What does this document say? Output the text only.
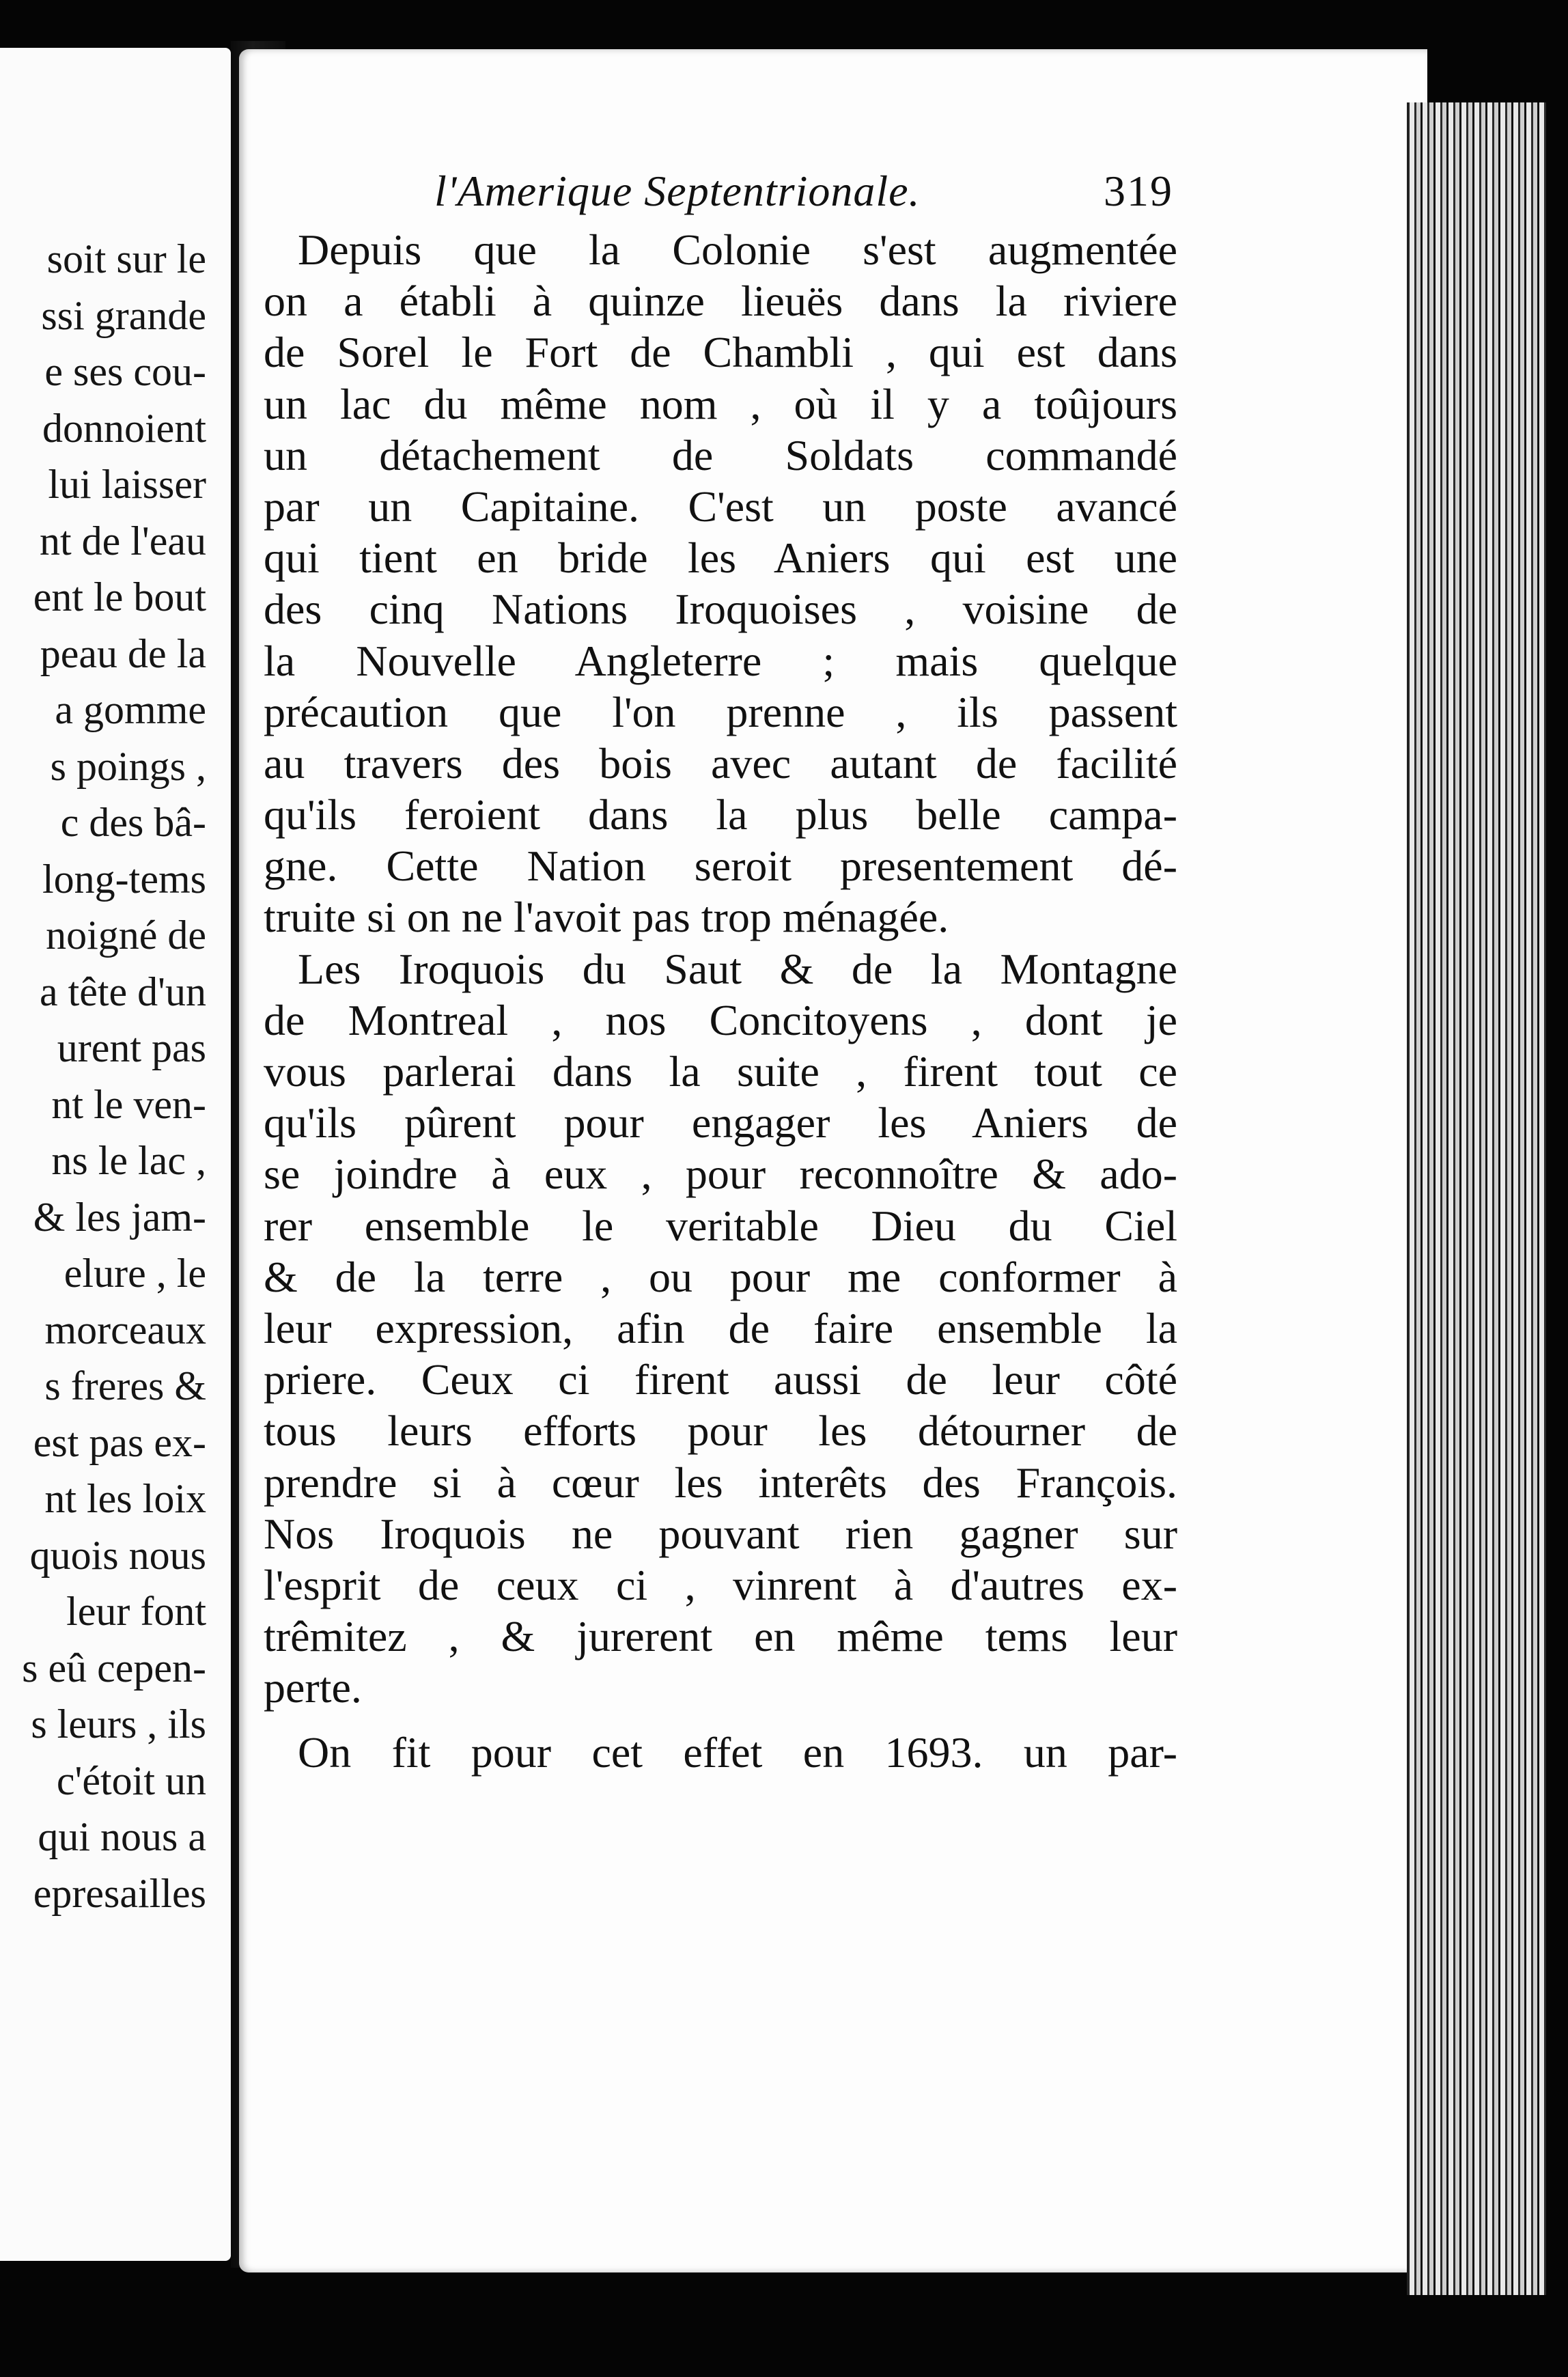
soit sur le
ssi grande
e ses cou-
donnoient
lui laisser
nt de l'eau
ent le bout
peau de la
a gomme
s poings ,
c des bâ-
long-tems
noigné de
a tête d'un
urent pas
nt le ven-
ns le lac ,
& les jam-
elure , le
morceaux
s freres &
est pas ex-
nt les loix
quois nous
leur font
s eû cepen-
s leurs , ils
c'étoit un
qui nous a
epresailles
l'Amerique Septentrionale.	319
Depuis que la Colonie s'est augmentée
on a établi à quinze lieuës dans la riviere
de Sorel le Fort de Chambli , qui est dans
un lac du même nom , où il y a toûjours
un détachement de Soldats commandé
par un Capitaine. C'est un poste avancé
qui tient en bride les Aniers qui est une
des cinq Nations Iroquoises , voisine de
la Nouvelle Angleterre ; mais quelque
précaution que l'on prenne , ils passent
au travers des bois avec autant de facilité
qu'ils feroient dans la plus belle campa-
gne. Cette Nation seroit presentement dé-
truite si on ne l'avoit pas trop ménagée.
Les Iroquois du Saut & de la Montagne
de Montreal , nos Concitoyens , dont je
vous parlerai dans la suite , firent tout ce
qu'ils pûrent pour engager les Aniers de
se joindre à eux , pour reconnoître & ado-
rer ensemble le veritable Dieu du Ciel
& de la terre , ou pour me conformer à
leur expression, afin de faire ensemble la
priere. Ceux ci firent aussi de leur côté
tous leurs efforts pour les détourner de
prendre si à cœur les interêts des François.
Nos Iroquois ne pouvant rien gagner sur
l'esprit de ceux ci , vinrent à d'autres ex-
trêmitez , & jurerent en même tems leur
perte.
On fit pour cet effet en 1693. un par-
